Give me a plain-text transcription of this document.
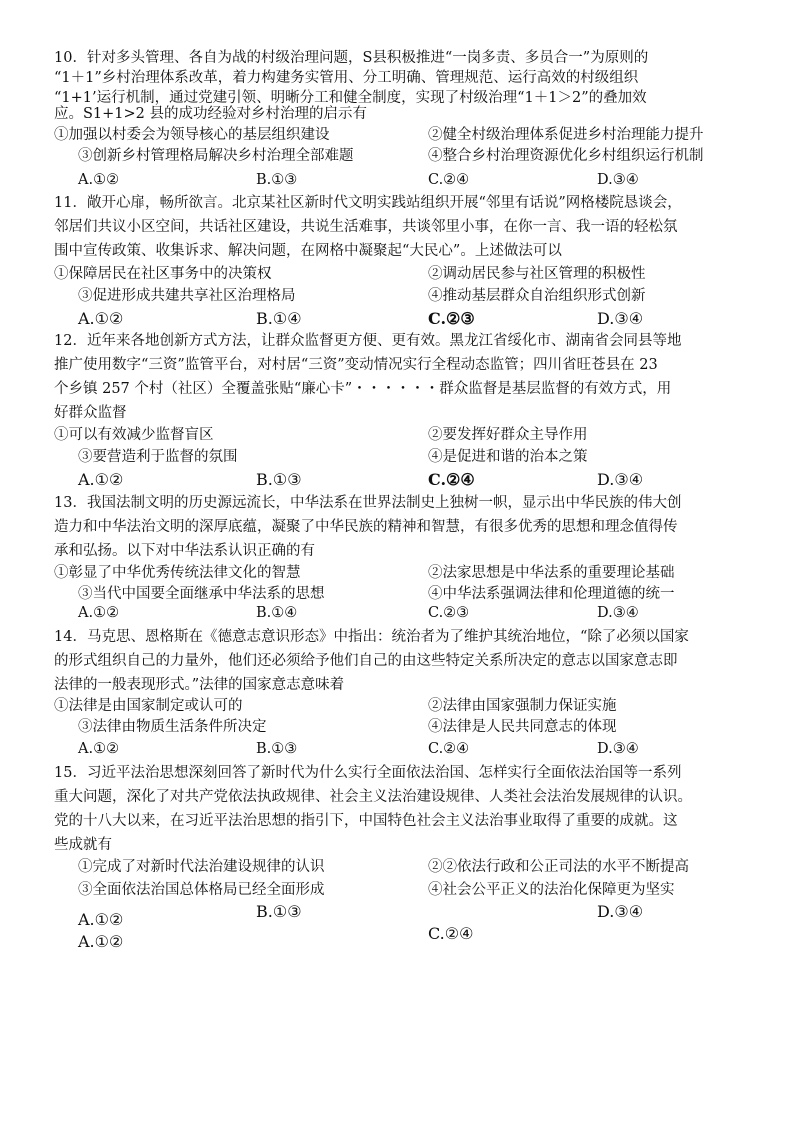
10．针对多头管理、各自为战的村级治理问题，S县积极推进“一岗多责、多员合一”为原则的
“1＋1”乡村治理体系改革，着力构建务实管用、分工明确、管理规范、运行高效的村级组织
“1+1’运行机制，通过党建引领、明晰分工和健全制度，实现了村级治理“1＋1＞2”的叠加效
应。S1+1>2 县的成功经验对乡村治理的启示有
①加强以村委会为领导核心的基层组织建设	②健全村级治理体系促进乡村治理能力提升
③创新乡村管理格局解决乡村治理全部难题	④整合乡村治理资源优化乡村组织运行机制
A.①②	B.①③	C.②④	D.③④
11．敞开心扉，畅所欲言。北京某社区新时代文明实践站组织开展“邻里有话说”网格楼院恳谈会，
邻居们共议小区空间，共话社区建设，共说生活难事，共谈邻里小事，在你一言、我一语的轻松氛
围中宣传政策、收集诉求、解决问题，在网格中凝聚起“大民心”。上述做法可以
①保障居民在社区事务中的决策权	②调动居民参与社区管理的积极性
③促进形成共建共享社区治理格局	④推动基层群众自治组织形式创新
A.①②	B.①④	C.②③	D.③④
12．近年来各地创新方式方法，让群众监督更方便、更有效。黑龙江省绥化市、湖南省会同县等地
推广使用数字“三资”监管平台，对村居“三资”变动情况实行全程动态监管；四川省旺苍县在 23
个乡镇 257 个村（社区）全覆盖张贴“廉心卡”・・・・・・群众监督是基层监督的有效方式，用
好群众监督
①可以有效减少监督盲区	②要发挥好群众主导作用
③要营造利于监督的氛围	④是促进和谐的治本之策
A.①②	B.①③	C.②④	D.③④
13．我国法制文明的历史源远流长，中华法系在世界法制史上独树一帜，显示出中华民族的伟大创
造力和中华法治文明的深厚底蕴，凝聚了中华民族的精神和智慧，有很多优秀的思想和理念值得传
承和弘扬。以下对中华法系认识正确的有
①彰显了中华优秀传统法律文化的智慧	②法家思想是中华法系的重要理论基础
③当代中国要全面继承中华法系的思想	④中华法系强调法律和伦理道德的统一
A.①②	B.①④	C.②③	D.③④
14．马克思、恩格斯在《德意志意识形态》中指出：统治者为了维护其统治地位，“除了必须以国家
的形式组织自己的力量外，他们还必须给予他们自己的由这些特定关系所决定的意志以国家意志即
法律的一般表现形式。”法律的国家意志意味着
①法律是由国家制定或认可的	②法律由国家强制力保证实施
③法律由物质生活条件所决定	④法律是人民共同意志的体现
A.①②	B.①③	C.②④	D.③④
15．习近平法治思想深刻回答了新时代为什么实行全面依法治国、怎样实行全面依法治国等一系列
重大问题，深化了对共产党依法执政规律、社会主义法治建设规律、人类社会法治发展规律的认识。
党的十八大以来，在习近平法治思想的指引下，中国特色社会主义法治事业取得了重要的成就。这
些成就有
①完成了对新时代法治建设规律的认识	②②依法行政和公正司法的水平不断提高
③全面依法治国总体格局已经全面形成	④社会公平正义的法治化保障更为坚实
B.①③	D.③④
A.①②
C.②④
A.①②
